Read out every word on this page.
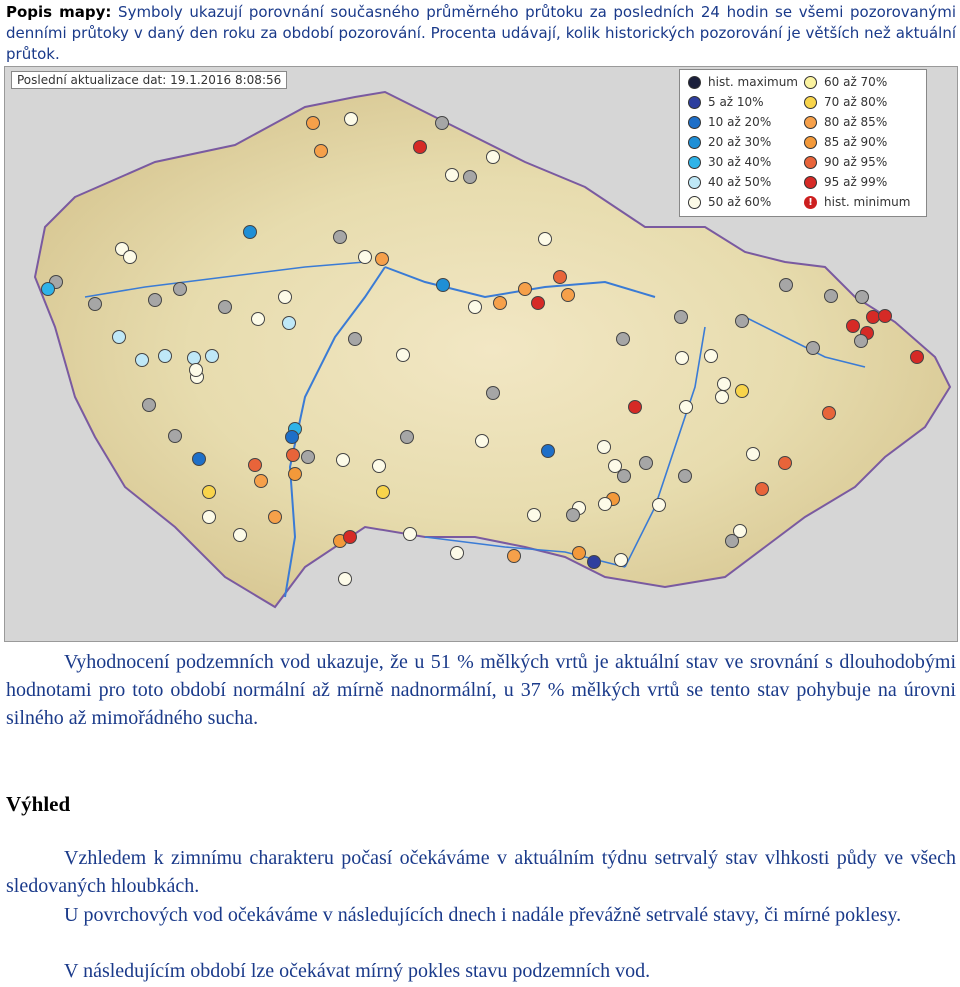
Popis mapy: Symboly ukazují porovnání současného průměrného průtoku za posledních 24 hodin se všemi pozorovanými denními průtoky v daný den roku za období pozorování. Procenta udávají, kolik historických pozorování je větších než aktuální průtok.
Poslední aktualizace dat: 19.1.2016 8:08:56	hist. maximum
5 až 10%
10 až 20%
20 až 30%
30 až 40%
40 až 50%
50 až 60%
60 až 70%
70 až 80%
80 až 85%
85 až 90%
90 až 95%
95 až 99%
! hist. minimum
Vyhodnocení podzemních vod ukazuje, že u 51 % mělkých vrtů je aktuální stav ve srovnání s dlouhodobými hodnotami pro toto období normální až mírně nadnormální, u 37 % mělkých vrtů se tento stav pohybuje na úrovni silného až mimořádného sucha.
Výhled
Vzhledem k zimnímu charakteru počasí očekáváme v aktuálním týdnu setrvalý stav vlhkosti půdy ve všech sledovaných hloubkách.
U povrchových vod očekáváme v následujících dnech i nadále převážně setrvalé stavy, či mírné poklesy.
V následujícím období lze očekávat mírný pokles stavu podzemních vod.
